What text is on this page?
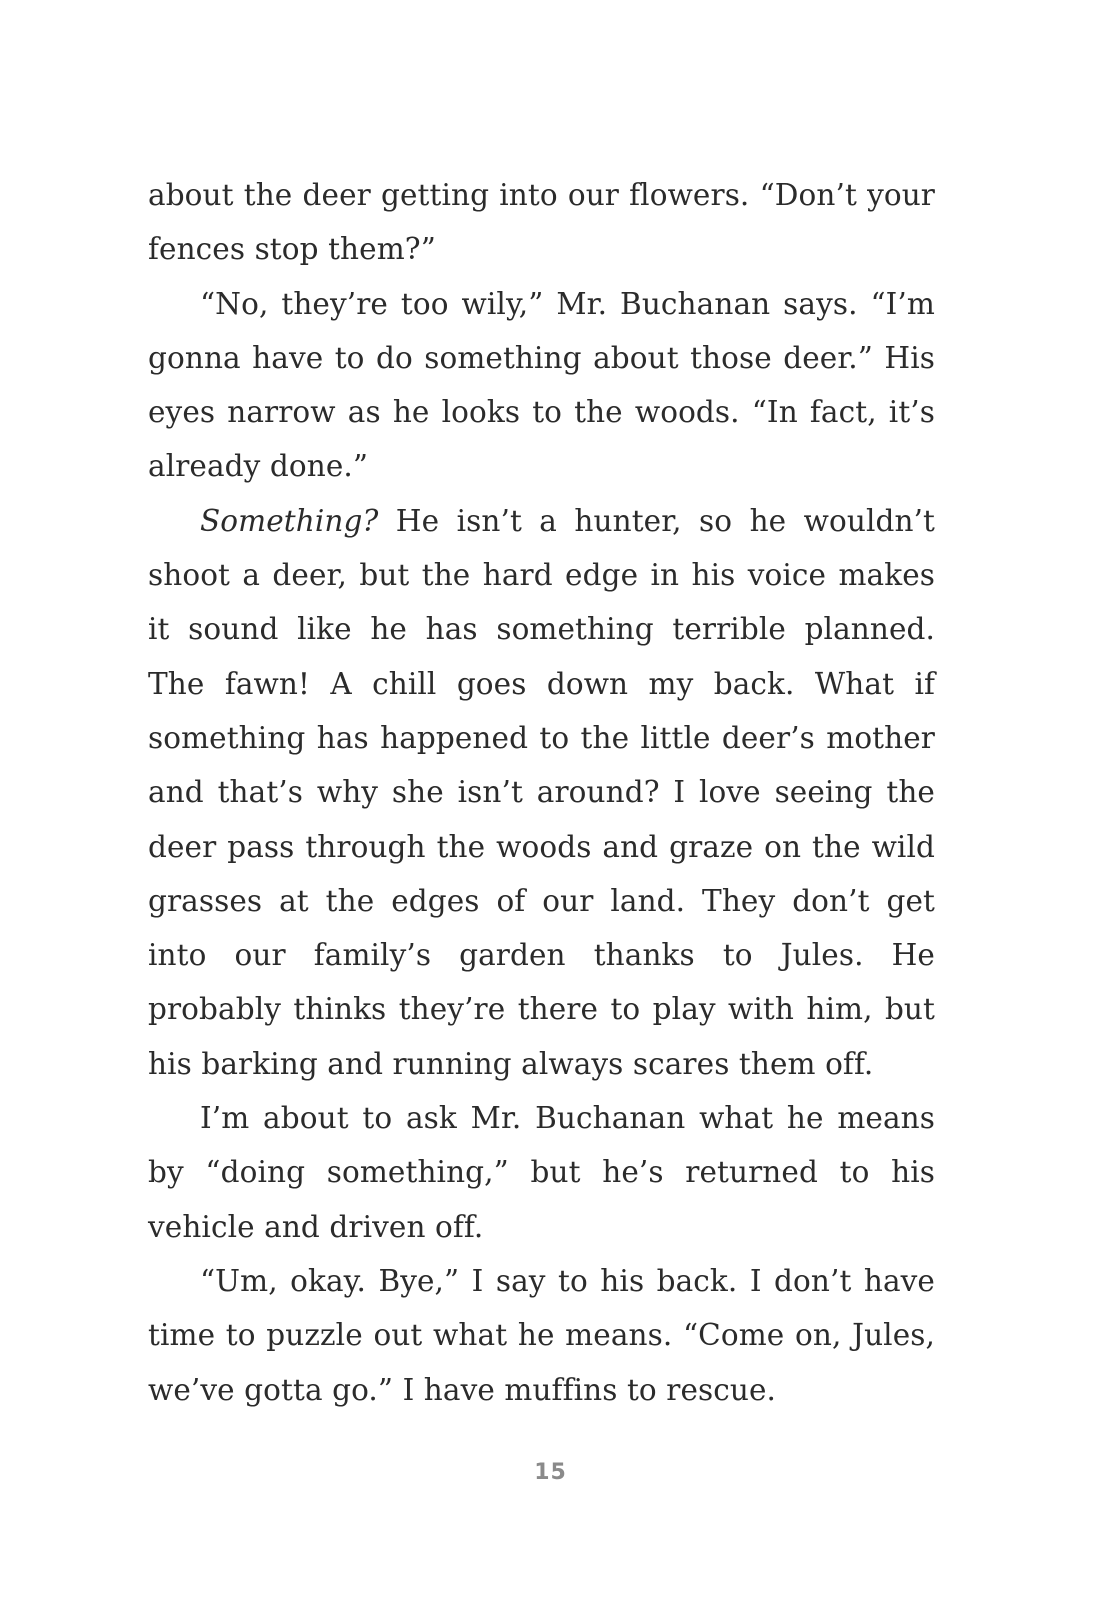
about the deer getting into our flowers. “Don’t your fences stop them?”

“No, they’re too wily,” Mr. Buchanan says. “I’m gonna have to do something about those deer.” His eyes narrow as he looks to the woods. “In fact, it’s already done.”

Something? He isn’t a hunter, so he wouldn’t shoot a deer, but the hard edge in his voice makes it sound like he has something terrible planned. The fawn! A chill goes down my back. What if something has happened to the little deer’s mother and that’s why she isn’t around? I love seeing the deer pass through the woods and graze on the wild grasses at the edges of our land. They don’t get into our family’s garden thanks to Jules. He probably thinks they’re there to play with him, but his barking and running always scares them off.

I’m about to ask Mr. Buchanan what he means by “doing something,” but he’s returned to his vehicle and driven off.

“Um, okay. Bye,” I say to his back. I don’t have time to puzzle out what he means. “Come on, Jules, we’ve gotta go.” I have muffins to rescue.

15
